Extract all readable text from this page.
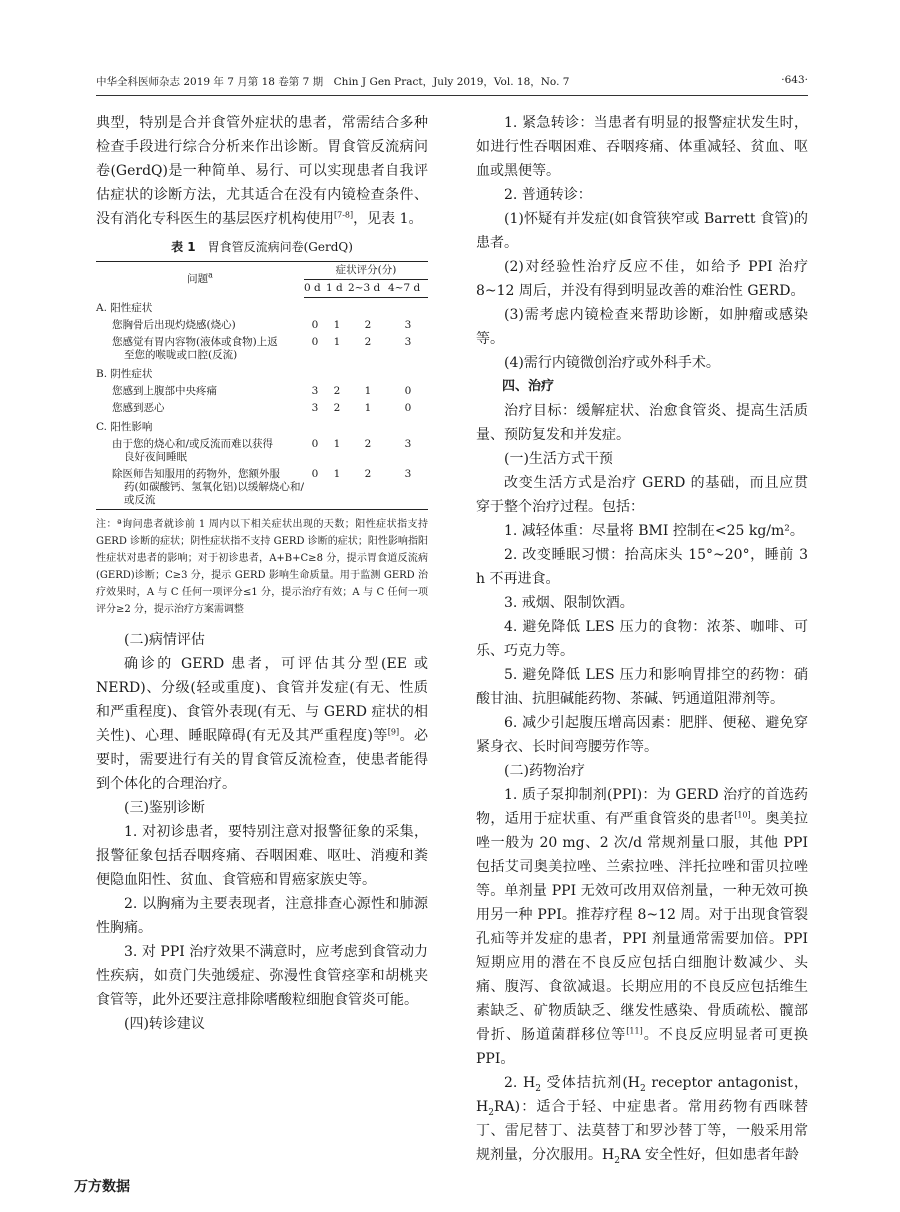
中华全科医师杂志 2019 年 7 月第 18 卷第 7 期　Chin J Gen Pract，July 2019，Vol. 18，No. 7	·643·

典型，特别是合并食管外症状的患者，常需结合多种检查手段进行综合分析来作出诊断。胃食管反流病问卷(GerdQ)是一种简单、易行、可以实现患者自我评估症状的诊断方法，尤其适合在没有内镜检查条件、没有消化专科医生的基层医疗机构使用[7-8]，见表 1。

表 1 胃食管反流病问卷(GerdQ)
问题$^a$	症状评分(分)			
	0 d	1 d	2~3 d	4~7 d
A. 阳性症状				
您胸骨后出现灼烧感(烧心)	0	1	2	3
您感觉有胃内容物(液体或食物)上返
至您的喉咙或口腔(反流)	0	1	2	3
B. 阴性症状				
您感到上腹部中央疼痛	3	2	1	0
您感到恶心	3	2	1	0
C. 阳性影响				
由于您的烧心和/或反流而难以获得
良好夜间睡眠	0	1	2	3
除医师告知服用的药物外，您额外服
药(如碳酸钙、氢氧化铝)以缓解烧心和/或反流	0	1	2	3
注：ª询问患者就诊前 1 周内以下相关症状出现的天数；阳性症状指支持 GERD 诊断的症状；阴性症状指不支持 GERD 诊断的症状；阳性影响指阳性症状对患者的影响；对于初诊患者，A+B+C≥8 分，提示胃食道反流病(GERD)诊断；C≥3 分，提示 GERD 影响生命质量。用于监测 GERD 治疗效果时，A 与 C 任何一项评分≤1 分，提示治疗有效；A 与 C 任何一项评分≥2 分，提示治疗方案需调整

(二)病情评估

确诊的 GERD 患者，可评估其分型(EE 或 NERD)、分级(轻或重度)、食管并发症(有无、性质和严重程度)、食管外表现(有无、与 GERD 症状的相关性)、心理、睡眠障碍(有无及其严重程度)等[9]。必要时，需要进行有关的胃食管反流检查，使患者能得到个体化的合理治疗。

(三)鉴别诊断

1. 对初诊患者，要特别注意对报警征象的采集，报警征象包括吞咽疼痛、吞咽困难、呕吐、消瘦和粪便隐血阳性、贫血、食管癌和胃癌家族史等。

2. 以胸痛为主要表现者，注意排查心源性和肺源性胸痛。

3. 对 PPI 治疗效果不满意时，应考虑到食管动力性疾病，如贲门失弛缓症、弥漫性食管痉挛和胡桃夹食管等，此外还要注意排除嗜酸粒细胞食管炎可能。

(四)转诊建议

1. 紧急转诊：当患者有明显的报警症状发生时，如进行性吞咽困难、吞咽疼痛、体重减轻、贫血、呕血或黑便等。

2. 普通转诊：

(1)怀疑有并发症(如食管狭窄或 Barrett 食管)的患者。

(2)对经验性治疗反应不佳，如给予 PPI 治疗 8~12 周后，并没有得到明显改善的难治性 GERD。

(3)需考虑内镜检查来帮助诊断，如肿瘤或感染等。

(4)需行内镜微创治疗或外科手术。

四、治疗

治疗目标：缓解症状、治愈食管炎、提高生活质量、预防复发和并发症。

(一)生活方式干预

改变生活方式是治疗 GERD 的基础，而且应贯穿于整个治疗过程。包括：

1. 减轻体重：尽量将 BMI 控制在<25 kg/m²。

2. 改变睡眠习惯：抬高床头 15°~20°，睡前 3 h 不再进食。

3. 戒烟、限制饮酒。

4. 避免降低 LES 压力的食物：浓茶、咖啡、可乐、巧克力等。

5. 避免降低 LES 压力和影响胃排空的药物：硝酸甘油、抗胆碱能药物、茶碱、钙通道阻滞剂等。

6. 减少引起腹压增高因素：肥胖、便秘、避免穿紧身衣、长时间弯腰劳作等。

(二)药物治疗

1. 质子泵抑制剂(PPI)：为 GERD 治疗的首选药物，适用于症状重、有严重食管炎的患者[10]。奥美拉唑一般为 20 mg、2 次/d 常规剂量口服，其他 PPI 包括艾司奥美拉唑、兰索拉唑、泮托拉唑和雷贝拉唑等。单剂量 PPI 无效可改用双倍剂量，一种无效可换用另一种 PPI。推荐疗程 8~12 周。对于出现食管裂孔疝等并发症的患者，PPI 剂量通常需要加倍。PPI 短期应用的潜在不良反应包括白细胞计数减少、头痛、腹泻、食欲减退。长期应用的不良反应包括维生素缺乏、矿物质缺乏、继发性感染、骨质疏松、髋部骨折、肠道菌群移位等[11]。不良反应明显者可更换 PPI。

2. $H_2$ 受体拮抗剂($H_2$ receptor antagonist，$H_2RA$)：适合于轻、中症患者。常用药物有西咪替丁、雷尼替丁、法莫替丁和罗沙替丁等，一般采用常规剂量，分次服用。$H_2RA$ 安全性好，但如患者年龄

万方数据
